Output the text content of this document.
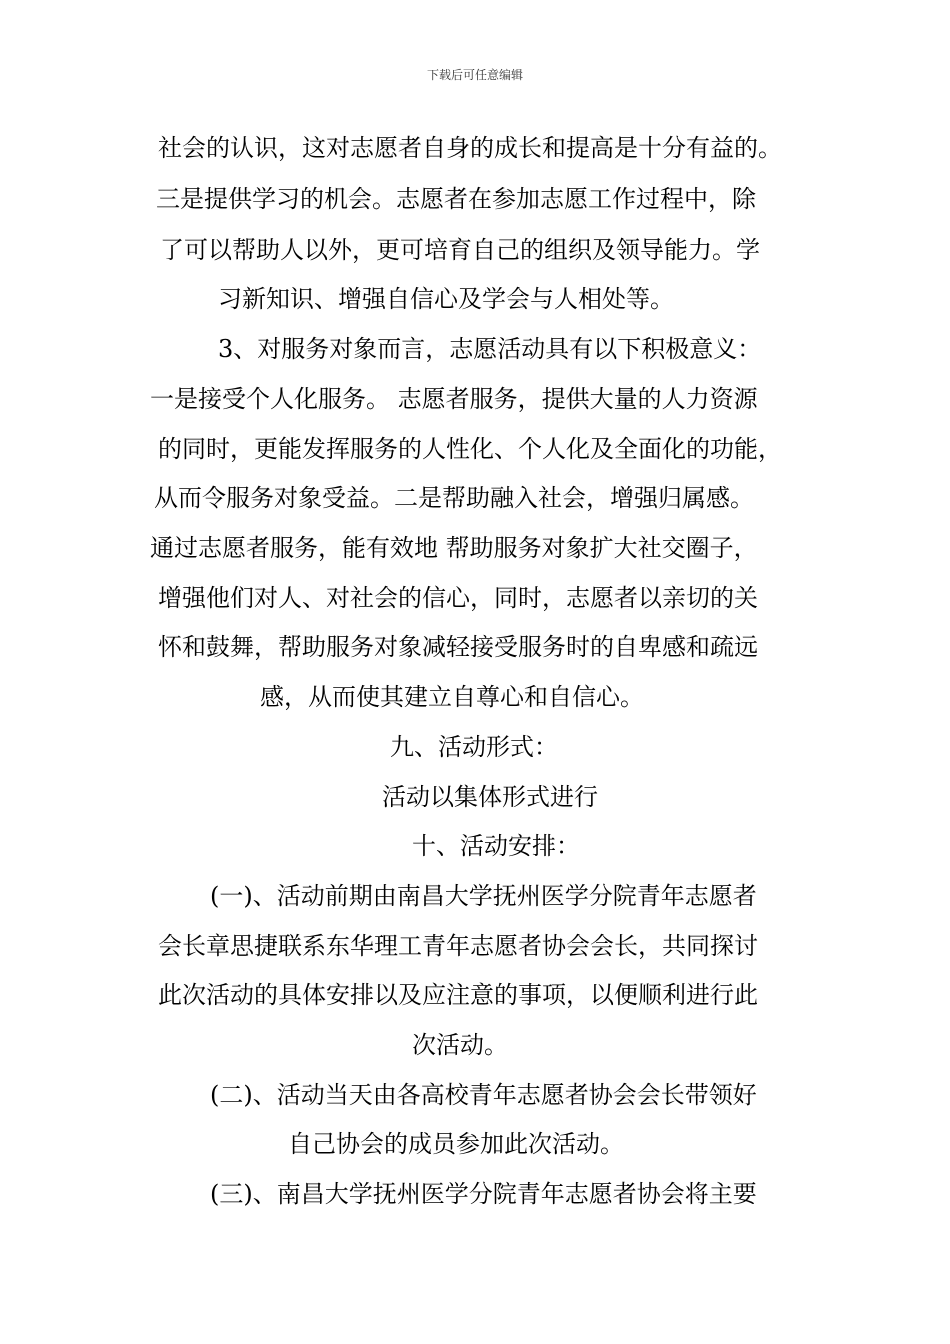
下载后可任意编辑
社会的认识，这对志愿者自身的成长和提高是十分有益的。
三是提供学习的机会。志愿者在参加志愿工作过程中，除
了可以帮助人以外，更可培育自己的组织及领导能力。学
习新知识、增强自信心及学会与人相处等。
3、对服务对象而言，志愿活动具有以下积极意义：
一是接受个人化服务。 志愿者服务，提供大量的人力资源
的同时，更能发挥服务的人性化、个人化及全面化的功能，
从而令服务对象受益。二是帮助融入社会，增强归属感。
通过志愿者服务，能有效地 帮助服务对象扩大社交圈子，
增强他们对人、对社会的信心，同时，志愿者以亲切的关
怀和鼓舞，帮助服务对象减轻接受服务时的自卑感和疏远
感，从而使其建立自尊心和自信心。
九、活动形式：
活动以集体形式进行
十、活动安排：
(一)、活动前期由南昌大学抚州医学分院青年志愿者
会长章思捷联系东华理工青年志愿者协会会长，共同探讨
此次活动的具体安排以及应注意的事项，以便顺利进行此
次活动。
(二)、活动当天由各高校青年志愿者协会会长带领好
自己协会的成员参加此次活动。
(三)、南昌大学抚州医学分院青年志愿者协会将主要
